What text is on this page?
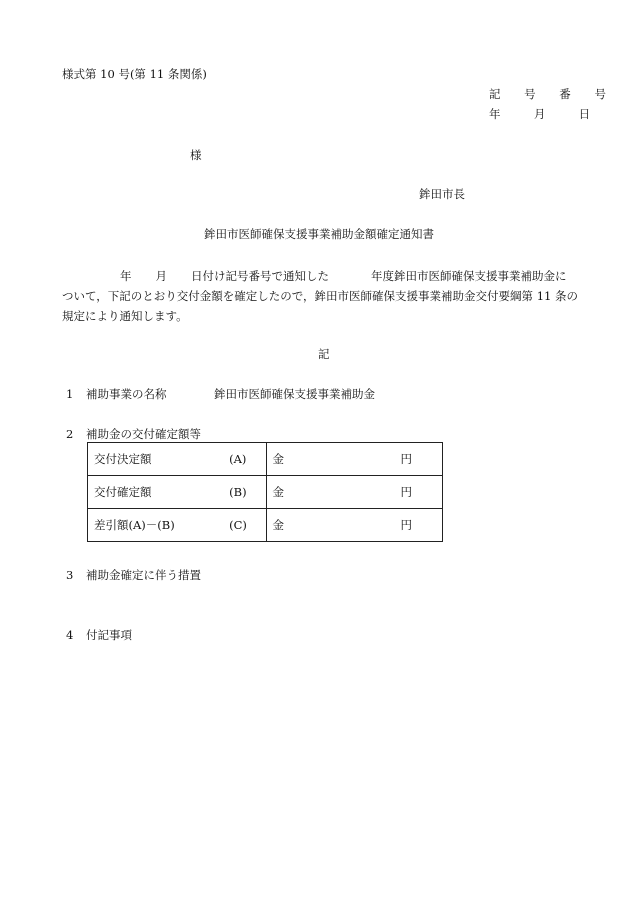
様式第 10 号(第 11 条関係)
記 号 番 号
年	月	日
様
鉾田市長
鉾田市医師確保支援事業補助金額確定通知書
年 月 日付け記号番号で通知した	年度鉾田市医師確保支援事業補助金に
ついて，下記のとおり交付金額を確定したので，鉾田市医師確保支援事業補助金交付要綱第 11 条の
規定により通知します。
記
1 補助事業の名称	鉾田市医師確保支援事業補助金
2 補助金の交付確定額等
交付決定額	(A)	金 円

交付確定額	(B)	金 円

差引額(A)－(B)	(C)	金 円
3 補助金確定に伴う措置
4 付記事項
